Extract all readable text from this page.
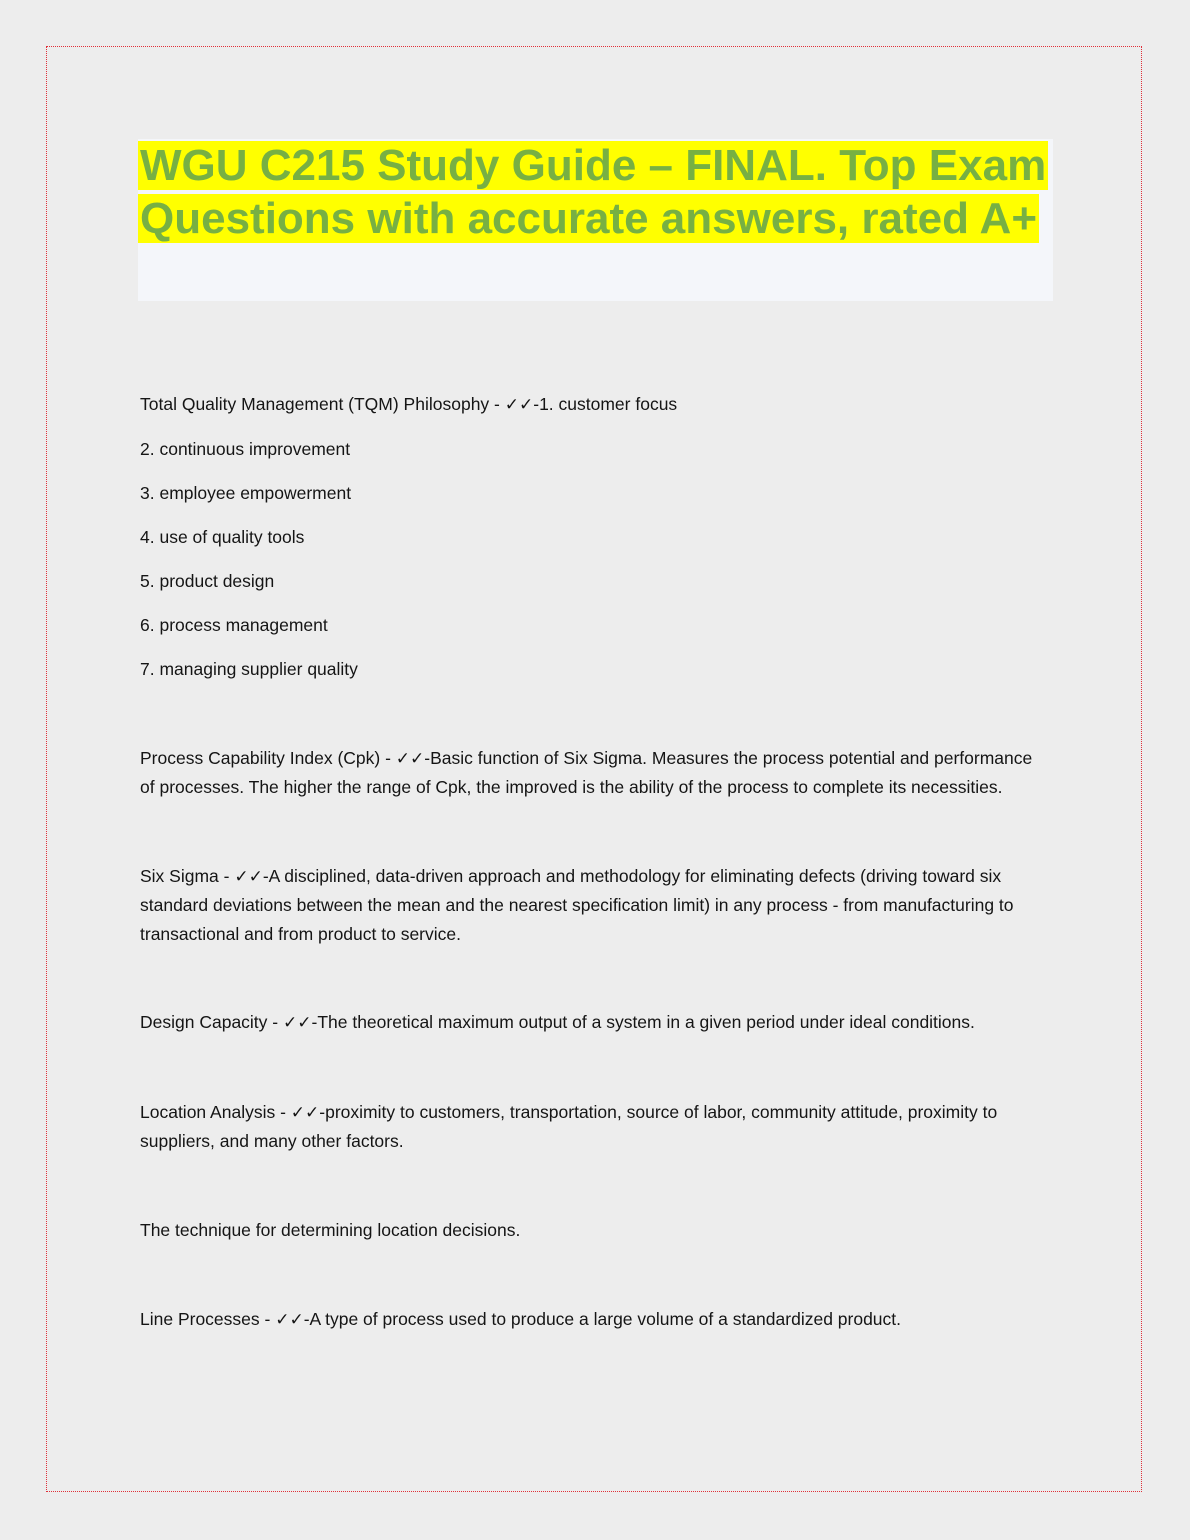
WGU C215 Study Guide – FINAL. Top Exam Questions with accurate answers, rated A+

Total Quality Management (TQM) Philosophy - ✓✓-1. customer focus

2. continuous improvement

3. employee empowerment

4. use of quality tools

5. product design

6. process management

7. managing supplier quality

Process Capability Index (Cpk) - ✓✓-Basic function of Six Sigma. Measures the process potential and performance of processes. The higher the range of Cpk, the improved is the ability of the process to complete its necessities.

Six Sigma - ✓✓-A disciplined, data-driven approach and methodology for eliminating defects (driving toward six standard deviations between the mean and the nearest specification limit) in any process - from manufacturing to transactional and from product to service.

Design Capacity - ✓✓-The theoretical maximum output of a system in a given period under ideal conditions.

Location Analysis - ✓✓-proximity to customers, transportation, source of labor, community attitude, proximity to suppliers, and many other factors.

The technique for determining location decisions.

Line Processes - ✓✓-A type of process used to produce a large volume of a standardized product.
